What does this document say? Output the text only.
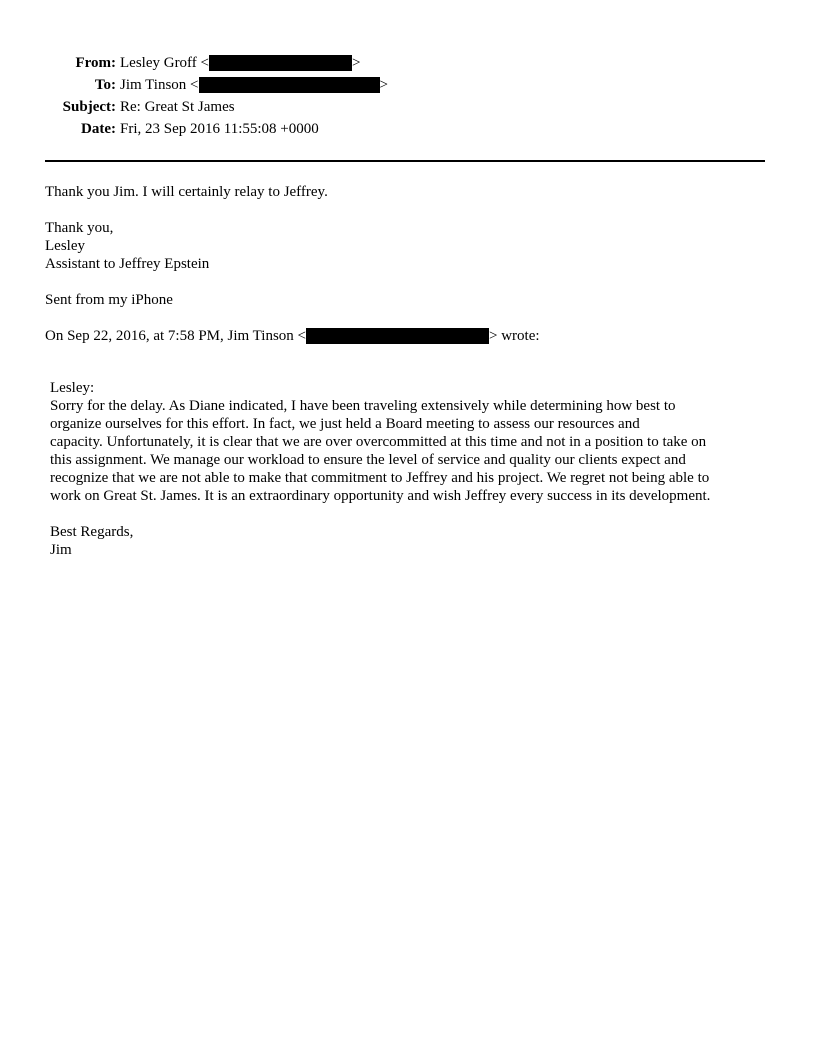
From: Lesley Groff <	>
To: Jim Tinson <	>
Subject: Re: Great St James
Date: Fri, 23 Sep 2016 11:55:08 +0000
Thank you Jim. I will certainly relay to Jeffrey.
Thank you,
Lesley
Assistant to Jeffrey Epstein
Sent from my iPhone
On Sep 22, 2016, at 7:58 PM, Jim Tinson <	> wrote:
Lesley:
Sorry for the delay. As Diane indicated, I have been traveling extensively while determining how best to
organize ourselves for this effort. In fact, we just held a Board meeting to assess our resources and
capacity. Unfortunately, it is clear that we are over overcommitted at this time and not in a position to take on
this assignment. We manage our workload to ensure the level of service and quality our clients expect and
recognize that we are not able to make that commitment to Jeffrey and his project. We regret not being able to
work on Great St. James. It is an extraordinary opportunity and wish Jeffrey every success in its development.
Best Regards,
Jim
